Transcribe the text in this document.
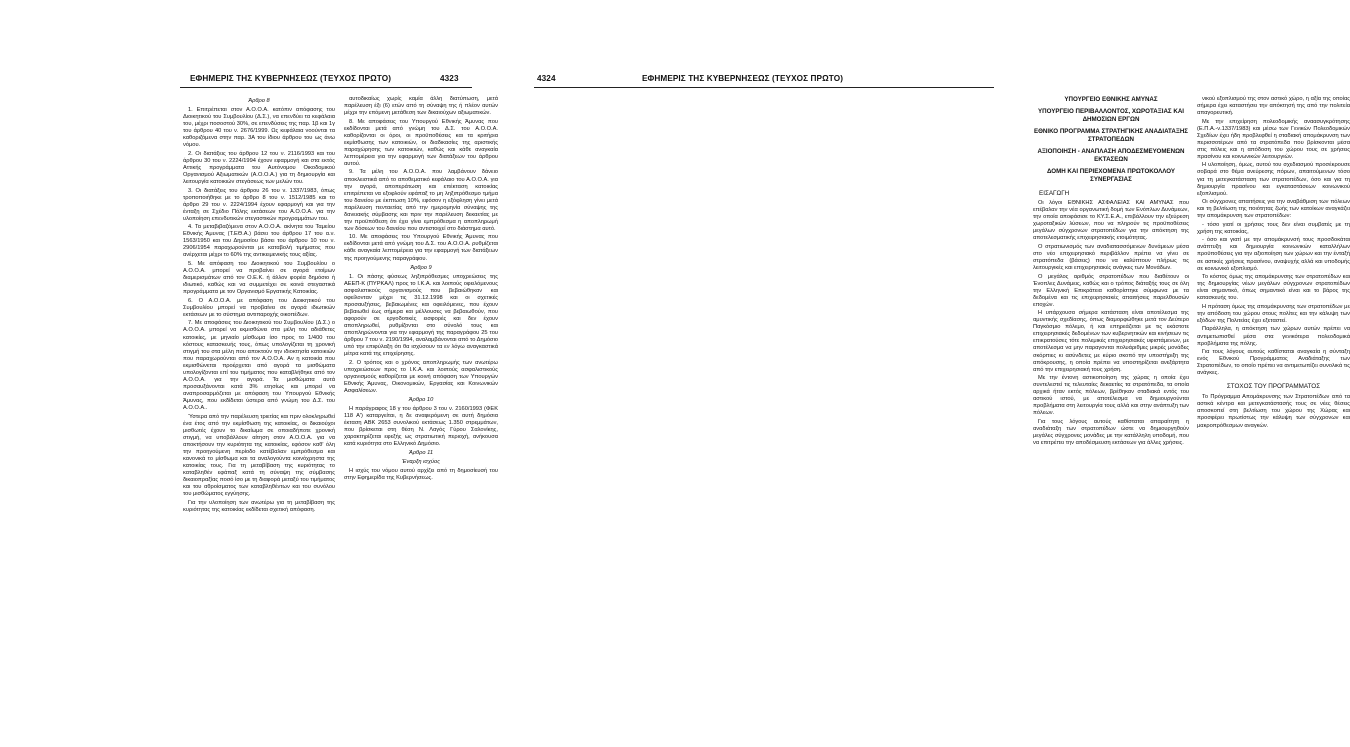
ΕΦΗΜΕΡΙΣ ΤΗΣ ΚΥΒΕΡΝΗΣΕΩΣ (ΤΕΥΧΟΣ ΠΡΩΤΟ)	4323

Άρθρο 8

1. Επιτρέπεται στον Α.Ο.Ο.Α. κατόπιν απόφασης του Διοικητικού του Συμβουλίου (Δ.Σ.), να επενδύει τα κεφάλαια του, μέχρι ποσοστού 30%, σε επενδύσεις της παρ. 1β και 1γ του άρθρου 40 του ν. 2676/1999. Ως κεφάλαια νοούνται τα καθοριζόμενα στην παρ. 3Α του ίδιου άρθρου του ως άνω νόμου.

2. Οι διατάξεις του άρθρου 12 του ν. 2116/1993 και του άρθρου 30 του ν. 2224/1994 έχουν εφαρμογή και στα εκτός Αττικής προγράμματα του Αυτόνομου Οικοδομικού Οργανισμού Αξιωματικών (Α.Ο.Ο.Α.) για τη δημιουργία και λειτουργία κατοικιών στεγάσεως των μελών του.

3. Οι διατάξεις του άρθρου 26 του ν. 1337/1983, όπως τροποποιήθηκε με το άρθρο 8 του ν. 1512/1985 και το άρθρο 29 του ν. 2224/1994 έχουν εφαρμογή και για την ένταξη σε Σχέδιο Πόλης εκτάσεων του Α.Ο.Ο.Α. για την υλοποίηση επενδυτικών στεγαστικών προγραμμάτων του.

4. Τα μεταβιβαζόμενα στον Α.Ο.Ο.Α. ακίνητα του Ταμείου Εθνικής Άμυνας (Τ.ΕΘ.Α.) βάσει του άρθρου 17 του α.ν. 1563/1950 και του Δημοσίου βάσει του άρθρου 10 του ν. 2906/1954 παραχωρούνται με καταβολή τιμήματος που ανέρχεται μέχρι το 60% της αντικειμενικής τους αξίας.

5. Με απόφαση του Διοικητικού του Συμβουλίου ο Α.Ο.Ο.Α. μπορεί να προβαίνει σε αγορά ετοίμων διαμερισμάτων από τον Ο.Ε.Κ. ή άλλον φορέα δημόσιο ή ιδιωτικό, καθώς και να συμμετέχει σε κοινά στεγαστικά προγράμματα με τον Οργανισμό Εργατικής Κατοικίας.

6. Ο Α.Ο.Ο.Α. με απόφαση του Διοικητικού του Συμβουλίου μπορεί να προβαίνει σε αγορά ιδιωτικών εκτάσεων με το σύστημα αντιπαροχής οικοπέδων.

7. Με αποφάσεις του Διοικητικού του Συμβουλίου (Δ.Σ.) ο Α.Ο.Ο.Α. μπορεί να εκμισθώνει στα μέλη του αδιάθετες κατοικίες, με μηνιαίο μίσθωμα ίσο προς το 1/400 του κόστους κατασκευής τους, όπως υπολογίζεται τη χρονική στιγμή του στα μέλη που αποκτούν την ιδιοκτησία κατοικιών που παραχωρούνται από τον Α.Ο.Ο.Α. Αν η κατοικία που εκμισθώνεται προέρχεται από αγορά τα μισθώματα υπολογίζονται επί του τιμήματος που καταβλήθηκε από τον Α.Ο.Ο.Α. για την αγορά. Τα μισθώματα αυτά προσαυξάνονται κατά 3% ετησίως και μπορεί να αναπροσαρμόζεται με απόφαση του Υπουργού Εθνικής Άμυνας, που εκδίδεται ύστερα από γνώμη του Δ.Σ. του Α.Ο.Ο.Α..

Ύστερα από την παρέλευση τριετίας και πριν ολοκληρωθεί ένα έτος από την εκμίσθωση της κατοικίας, οι δικαιούχοι μισθωτές έχουν το δικαίωμα σε οποιαδήποτε χρονική στιγμή, να υποβάλλουν αίτηση στον Α.Ο.Ο.Α. για να αποκτήσουν την κυριότητα της κατοικίας, εφόσον καθ' όλη την προηγούμενη περίοδο κατέβαλαν εμπρόθεσμα και κανονικά το μίσθωμα και τα αναλογούντα κοινόχρηστα της κατοικίας τους. Για τη μεταβίβαση της κυριότητας το καταβληθέν εφάπαξ κατά τη σύναψη της σύμβασης δικαιοπραξίας ποσό ίσο με τη διαφορά μεταξύ του τιμήματος και του αθροίσματος των καταβληθέντων και του συνόλου του μισθώματος εγγύησης.

Για την υλοποίηση των ανωτέρω για τη μεταβίβαση της κυριότητας της κατοικίας εκδίδεται σχετική απόφαση.

αυτοδικαίως χωρίς καμία άλλη διατύπωση, μετά παρέλευση έξι (6) ετών από τη σύναψη της ή πλέον αυτών μέχρι την επόμενη μετάθεση των δικαιούχων αξιωματικών.

8. Με αποφάσεις του Υπουργού Εθνικής Άμυνας που εκδίδονται μετά από γνώμη του Δ.Σ. του Α.Ο.Ο.Α. καθορίζονται οι όροι, οι προϋποθέσεις και τα κριτήρια εκμίσθωσης των κατοικιών, οι διαδικασίες της αριστικής παραχώρησης των κατοικιών, καθώς και κάθε αναγκαία λεπτομέρεια για την εφαρμογή των διατάξεων του άρθρου αυτού.

9. Τα μέλη του Α.Ο.Ο.Α. που λαμβάνουν δάνειο αποκλειστικά από το αποθεματικό κεφάλαιο του Α.Ο.Ο.Α. για την αγορά, αποπεράτωση και επέκταση κατοικίας επιτρέπεται να εξοφλούν εφάπαξ το μη ληξιπρόθεσμο τμήμα του δανείου με έκπτωση 10%, εφόσον η εξόφληση γίνει μετά παρέλευση πενταετίας από την ημερομηνία σύναψης της δανειακής σύμβασης και πριν την παρέλευση δεκαετίας με την προϋπόθεση ότι έχει γίνει εμπρόθεσμα η αποπληρωμή των δόσεων του δανείου που αντιστοιχεί στο διάστημα αυτό.

10. Με αποφάσεις του Υπουργού Εθνικής Άμυνας που εκδίδονται μετά από γνώμη του Δ.Σ. του Α.Ο.Ο.Α. ρυθμίζεται κάθε αναγκαία λεπτομέρεια για την εφαρμογή των διατάξεων της προηγούμενης παραγράφου.

Άρθρο 9

1. Οι πάσης φύσεως ληξιπρόθεσμες υποχρεώσεις της ΑΕΕΠ-Κ (ΠΥΡΚΑΛ) προς το Ι.Κ.Α. και λοιπούς οφειλόμενους ασφαλιστικούς οργανισμούς που βεβαιώθηκαν και οφείλονταν μέχρι τις 31.12.1998 και οι σχετικές προσαυξήσεις, βεβαιωμένες και οφειλόμενες, που έχουν βεβαιωθεί έως σήμερα και μέλλουσες να βεβαιωθούν, που αφορούν σε εργοδοτικές εισφορές και δεν έχουν αποπληρωθεί, ρυθμίζονται στο σύνολό τους και αποπληρώνονται για την εφαρμογή της παραγράφου 25 του άρθρου 7 του ν. 2190/1994, αναλαμβάνονται από το Δημόσιο υπό την επιφύλαξη ότι θα ισχύσουν τα εν λόγω αναγκαστικά μέτρα κατά της επιχείρησης.

2. Ο τρόπος και ο χρόνος αποπληρωμής των ανωτέρω υποχρεώσεων προς το Ι.Κ.Α. και λοιπούς ασφαλιστικούς οργανισμούς καθορίζεται με κοινή απόφαση των Υπουργών Εθνικής Άμυνας, Οικονομικών, Εργασίας και Κοινωνικών Ασφαλίσεων.

Άρθρο 10

Η παράγραφος 18 γ του άρθρου 3 του ν. 2160/1993 (ΦΕΚ 118 Α') καταργείται, η δε αναφερόμενη σε αυτή δημόσια έκταση ΑΒΚ 2653 συνολικού εκτάσεως 1.350 στρεμμάτων, που βρίσκεται στη θέση Ν. Λαγός Γύρου Σαλονίκης, χαρακτηρίζεται εφεξής ως στρατιωτική περιοχή, ανήκουσα κατά κυριότητα στο Ελληνικό Δημόσιο.

Άρθρο 11

Έναρξη ισχύος

Η ισχύς του νόμου αυτού αρχίζει από τη δημοσίευσή του στην Εφημερίδα της Κυβερνήσεως.

4324	ΕΦΗΜΕΡΙΣ ΤΗΣ ΚΥΒΕΡΝΗΣΕΩΣ (ΤΕΥΧΟΣ ΠΡΩΤΟ)

ΥΠΟΥΡΓΕΙΟ ΕΘΝΙΚΗΣ ΑΜΥΝΑΣ

ΥΠΟΥΡΓΕΙΟ ΠΕΡΙΒΑΛΛΟΝΤΟΣ, ΧΩΡΟΤΑΞΙΑΣ ΚΑΙ ΔΗΜΟΣΙΩΝ ΕΡΓΩΝ

ΕΘΝΙΚΟ ΠΡΟΓΡΑΜΜΑ ΣΤΡΑΤΗΓΙΚΗΣ ΑΝΑΔΙΑΤΑΞΗΣ ΣΤΡΑΤΟΠΕΔΩΝ

ΑΞΙΟΠΟΙΗΣΗ - ΑΝΑΠΛΑΣΗ ΑΠΟΔΕΣΜΕΥΟΜΕΝΩΝ ΕΚΤΑΣΕΩΝ

ΔΟΜΗ ΚΑΙ ΠΕΡΙΕΧΟΜΕΝΑ ΠΡΩΤΟΚΟΛΛΟΥ ΣΥΝΕΡΓΑΣΙΑΣ

ΕΙΣΑΓΩΓΗ

Οι λόγοι ΕΘΝΙΚΗΣ ΑΣΦΑΛΕΙΑΣ ΚΑΙ ΑΜΥΝΑΣ που επέβαλαν την νέα οργανωτική δομή των Ενόπλων Δυνάμεων, την οποία αποφάσισε το ΚΥ.Σ.Ε.Α., επιβάλλουν την εξεύρεση χωροταξικών λύσεων, που να πληρούν τις προϋποθέσεις μεγάλων σύγχρονων στρατοπέδων για την απόκτηση της αποτελεσματικής επιχειρησιακής ετοιμότητας.

Ο στρατιωνισμός των αναδιατασσόμενων δυνάμεων μέσα στο νέο επιχειρησιακό περιβάλλον πρέπει να γίνει σε στρατόπεδα (βάσεις) που να καλύπτουν πλήρως τις λειτουργικές και επιχειρησιακές ανάγκες των Μονάδων.

Ο μεγάλος αριθμός στρατοπέδων που διαθέτουν οι Ένοπλες Δυνάμεις, καθώς και ο τρόπος διάταξής τους σε όλη την Ελληνική Επικράτεια καθορίστηκε σύμφωνα με τα δεδομένα και τις επιχειρησιακές απαιτήσεις παρελθουσών εποχών.

Η υπάρχουσα σήμερα κατάσταση είναι αποτέλεσμα της αμυντικής σχεδίασης, όπως διαμορφώθηκε μετά τον Δεύτερο Παγκόσμιο πόλεμο, ή και επηρεάζεται με τις εκάστοτε επιχειρησιακές δεδομένων των κυβερνητικών και κινήσεων τις επικρατούσες τότε πολεμικές επιχειρησιακές υφιστάμενων, με αποτέλεσμα να μην παραγονται πολυάριθμες μικρές μονάδες σκόρπιες κι ασύνδετες με κύριο σκοπό την υποστήριξη της απόκρουσης, η οποία πρέπει να υποστηρίζεται ανεξάρτητα από την επιχειρησιακή τους χρήση.

Με την έντονη αστικοποίηση της χώρας η οποία έχει συντελεστεί τις τελευταίες δεκαετίες τα στρατόπεδα, τα οποία αρχικά ήταν εκτός πόλεων, βρέθηκαν σταδιακά εντός του αστικού ιστού, με αποτέλεσμα να δημιουργούνται προβλήματα στη λειτουργία τους αλλά και στην ανάπτυξη των πόλεων.

Για τους λόγους αυτούς καθίσταται απαραίτητη η αναδιάταξη των στρατοπέδων ώστε να δημιουργηθούν μεγάλες σύγχρονες μονάδες με την κατάλληλη υποδομή, που να επιτρέπει την αποδέσμευση εκτάσεων για άλλες χρήσεις.

νικού εξοπλισμού της στον αστικό χώρο, η αξία της οποίας σήμερα έχει καταστήσει την απόκτησή της από την πολιτεία απαγορευτική.

Με την επιχείρηση πολεοδομικής αναασυγκρότησης (Ε.Π.Α.-ν.1337/1983) και μέσω των Γενικών Πολεοδομικών Σχεδίων έχει ήδη προβλεφθεί η σταδιακή απομάκρυνση των περισσοτέρων από τα στρατόπεδα που βρίσκονται μέσα στις πόλεις και η απόδοση του χώρου τους σε χρήσεις πρασίνου και κοινωνικών λειτουργιών.

Η υλοποίηση, όμως, αυτού του σχεδιασμού προσέκρουσε σοβαρά στο θέμα ανεύρεσης πόρων, απαιτούμενων τόσο για τη μετεγκατάσταση των στρατοπέδων, όσο και για τη δημιουργία πρασίνου και εγκαταστάσεων κοινωνικού εξοπλισμού.

Οι σύγχρονες απαιτήσεις για την αναβάθμιση των πόλεων και τη βελτίωση της ποιότητας ζωής των κατοίκων αναγκάζει την απομάκρυνση των στρατοπέδων:

- τόσο γιατί οι χρήσεις τους δεν είναι συμβατές με τη χρήση της κατοικίας,

- όσο και γιατί με την απομάκρυνσή τους προσδοκάται ανάπτυξη και δημιουργία κοινωνικών καταλλήλων προϋποθέσεις για την αξιοποίηση των χώρων και την ένταξή σε αστικές χρήσεις πρασίνου, αναψυχής αλλά και υποδομής σε κοινωνικό εξοπλισμό.

Το κόστος όμως της απομάκρυνσης των στρατοπέδων και της δημιουργίας νέων μεγάλων σύγχρονων στρατοπέδων είναι σημαντικό, όπως σημαντικό είναι και το βάρος της κατασκευής του.

Η πρόταση όμως της απομάκρυνσης των στρατοπέδων με την απόδοση του χώρου στους πολίτες και την κάλυψη των εξόδων της Πολιτείας έχει εξεταστεί.

Παράλληλα, η απόκτηση των χώρων αυτών πρέπει να αντιμετωπισθεί μέσα στα γενικότερα πολεοδομικά προβλήματα της πόλης.

Για τους λόγους αυτούς καθίσταται αναγκαία η σύνταξη ενός Εθνικού Προγράμματος Αναδιάταξης των Στρατοπέδων, το οποίο πρέπει να αντιμετωπίζει συνολικά τις ανάγκες.

ΣΤΟΧΟΣ ΤΟΥ ΠΡΟΓΡΑΜΜΑΤΟΣ

Το Πρόγραμμα Απομάκρυνσης των Στρατοπέδων από τα αστικά κέντρα και μετεγκατάστασής τους σε νέες θέσεις αποσκοπεί στη βελτίωση του χώρου της Χώρας και προσφέρει πρωτίστως την κάλυψη των σύγχρονων και μακροπρόθεσμων αναγκών.
